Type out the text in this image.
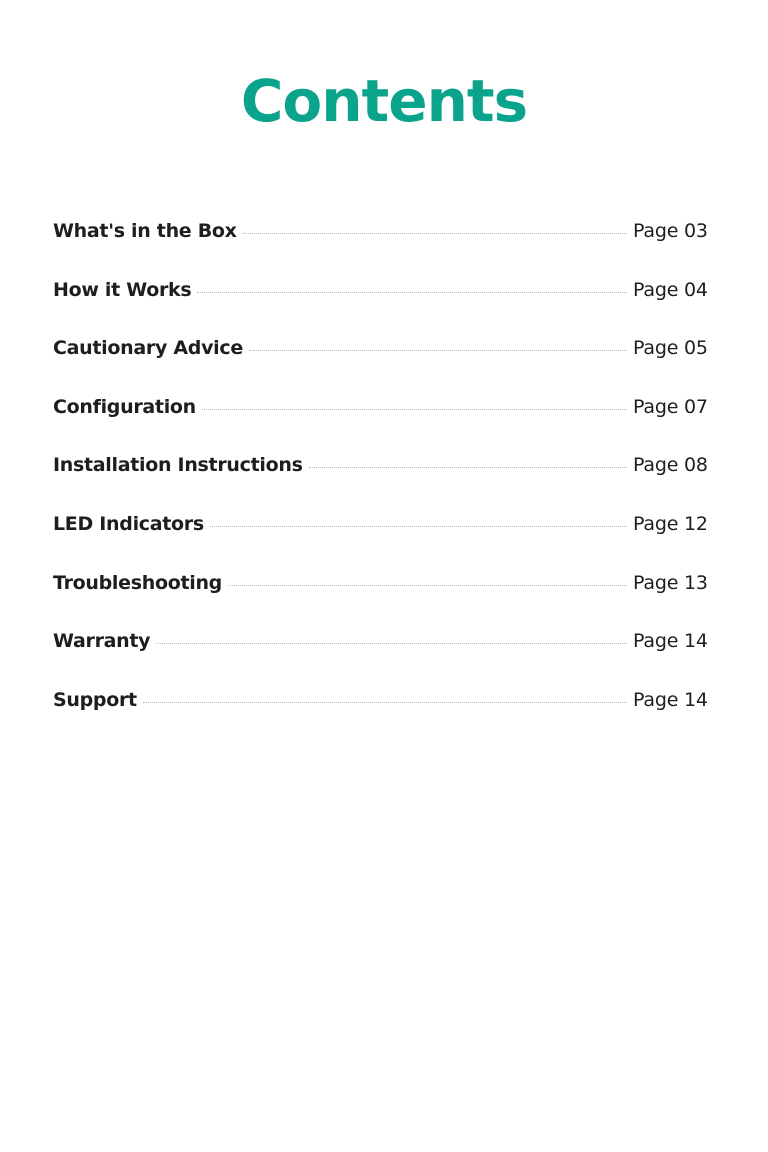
Contents
What's in the Box	Page 03
How it Works	Page 04
Cautionary Advice	Page 05
Configuration	Page 07
Installation Instructions	Page 08
LED Indicators	Page 12
Troubleshooting	Page 13
Warranty	Page 14
Support	Page 14
